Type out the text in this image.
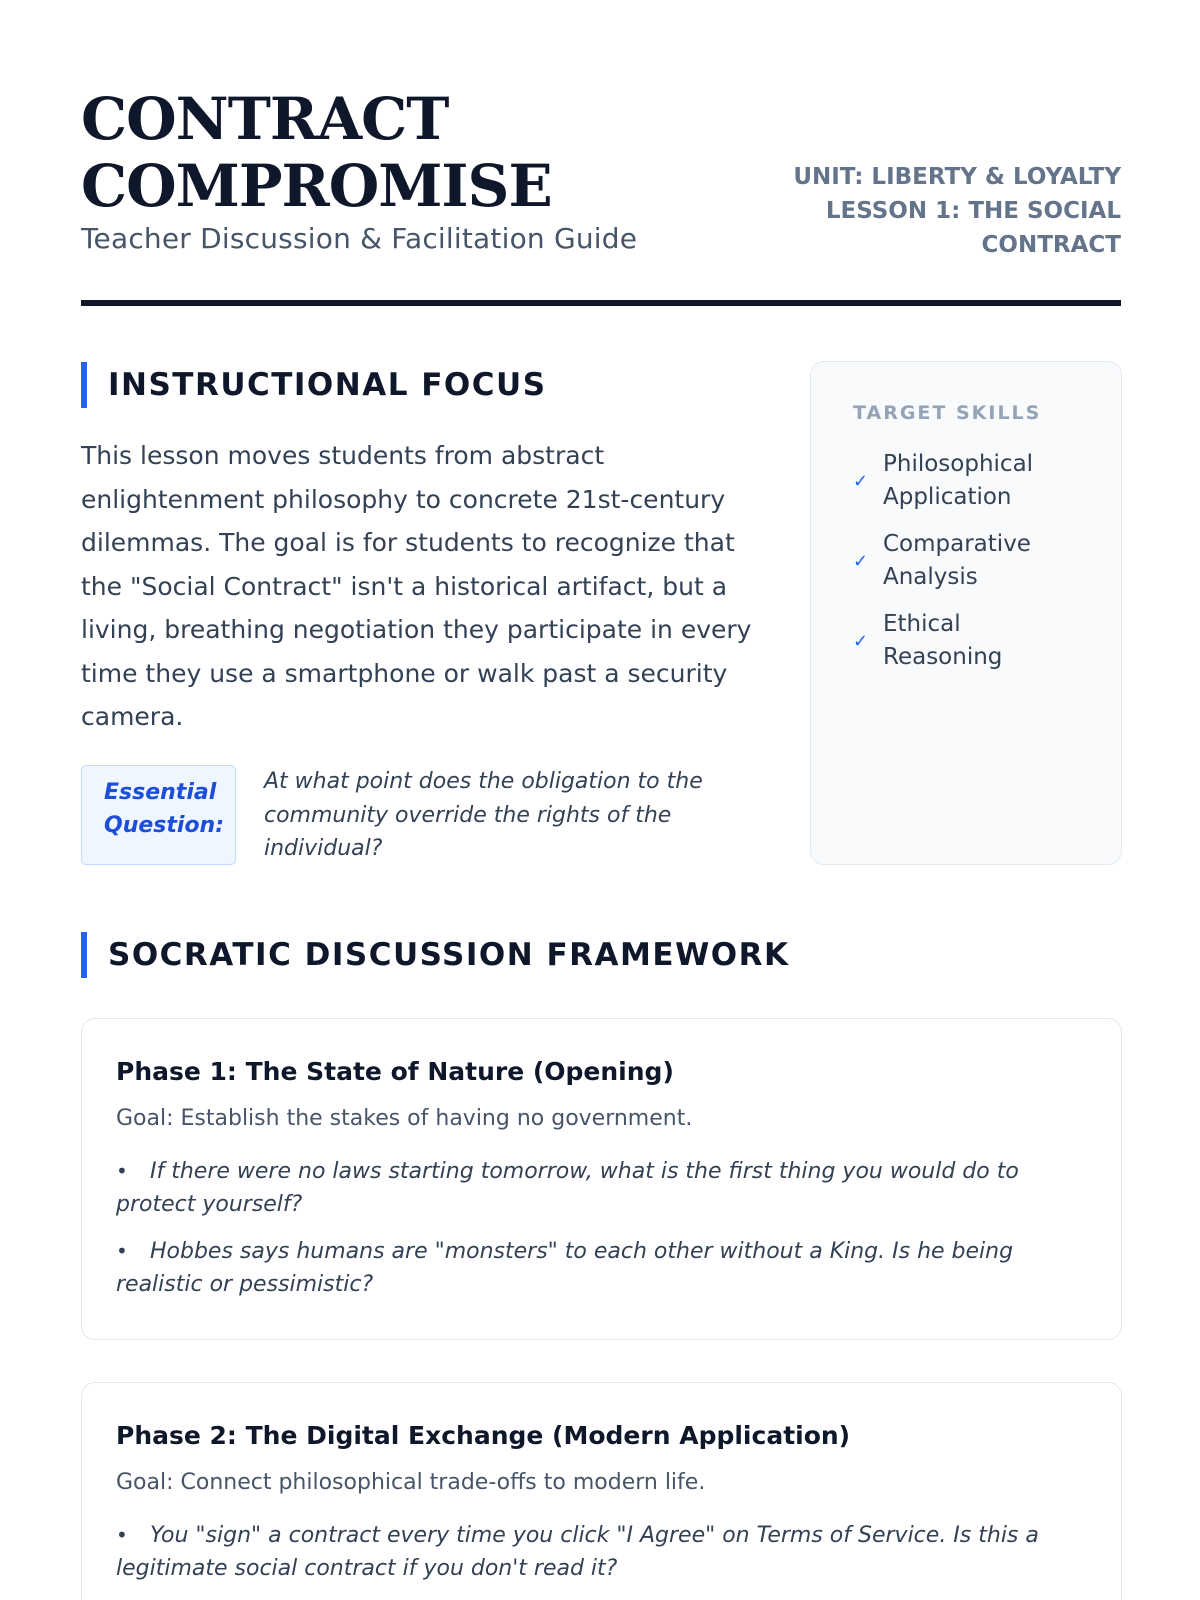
CONTRACT COMPROMISE
Teacher Discussion & Facilitation Guide
UNIT: LIBERTY & LOYALTY
LESSON 1: THE SOCIAL
CONTRACT
INSTRUCTIONAL FOCUS
This lesson moves students from abstract enlightenment philosophy to concrete 21st-century dilemmas. The goal is for students to recognize that the "Social Contract" isn't a historical artifact, but a living, breathing negotiation they participate in every time they use a smartphone or walk past a security camera.
Essential
Question:
At what point does the obligation to the community override the rights of the individual?
TARGET SKILLS
✓
Philosophical
Application
✓
Comparative
Analysis
✓
Ethical
Reasoning
SOCRATIC DISCUSSION FRAMEWORK
Phase 1: The State of Nature (Opening)
Goal: Establish the stakes of having no government.
• If there were no laws starting tomorrow, what is the first thing you would do to protect yourself?
• Hobbes says humans are "monsters" to each other without a King. Is he being realistic or pessimistic?
Phase 2: The Digital Exchange (Modern Application)
Goal: Connect philosophical trade-offs to modern life.
• You "sign" a contract every time you click "I Agree" on Terms of Service. Is this a legitimate social contract if you don't read it?
